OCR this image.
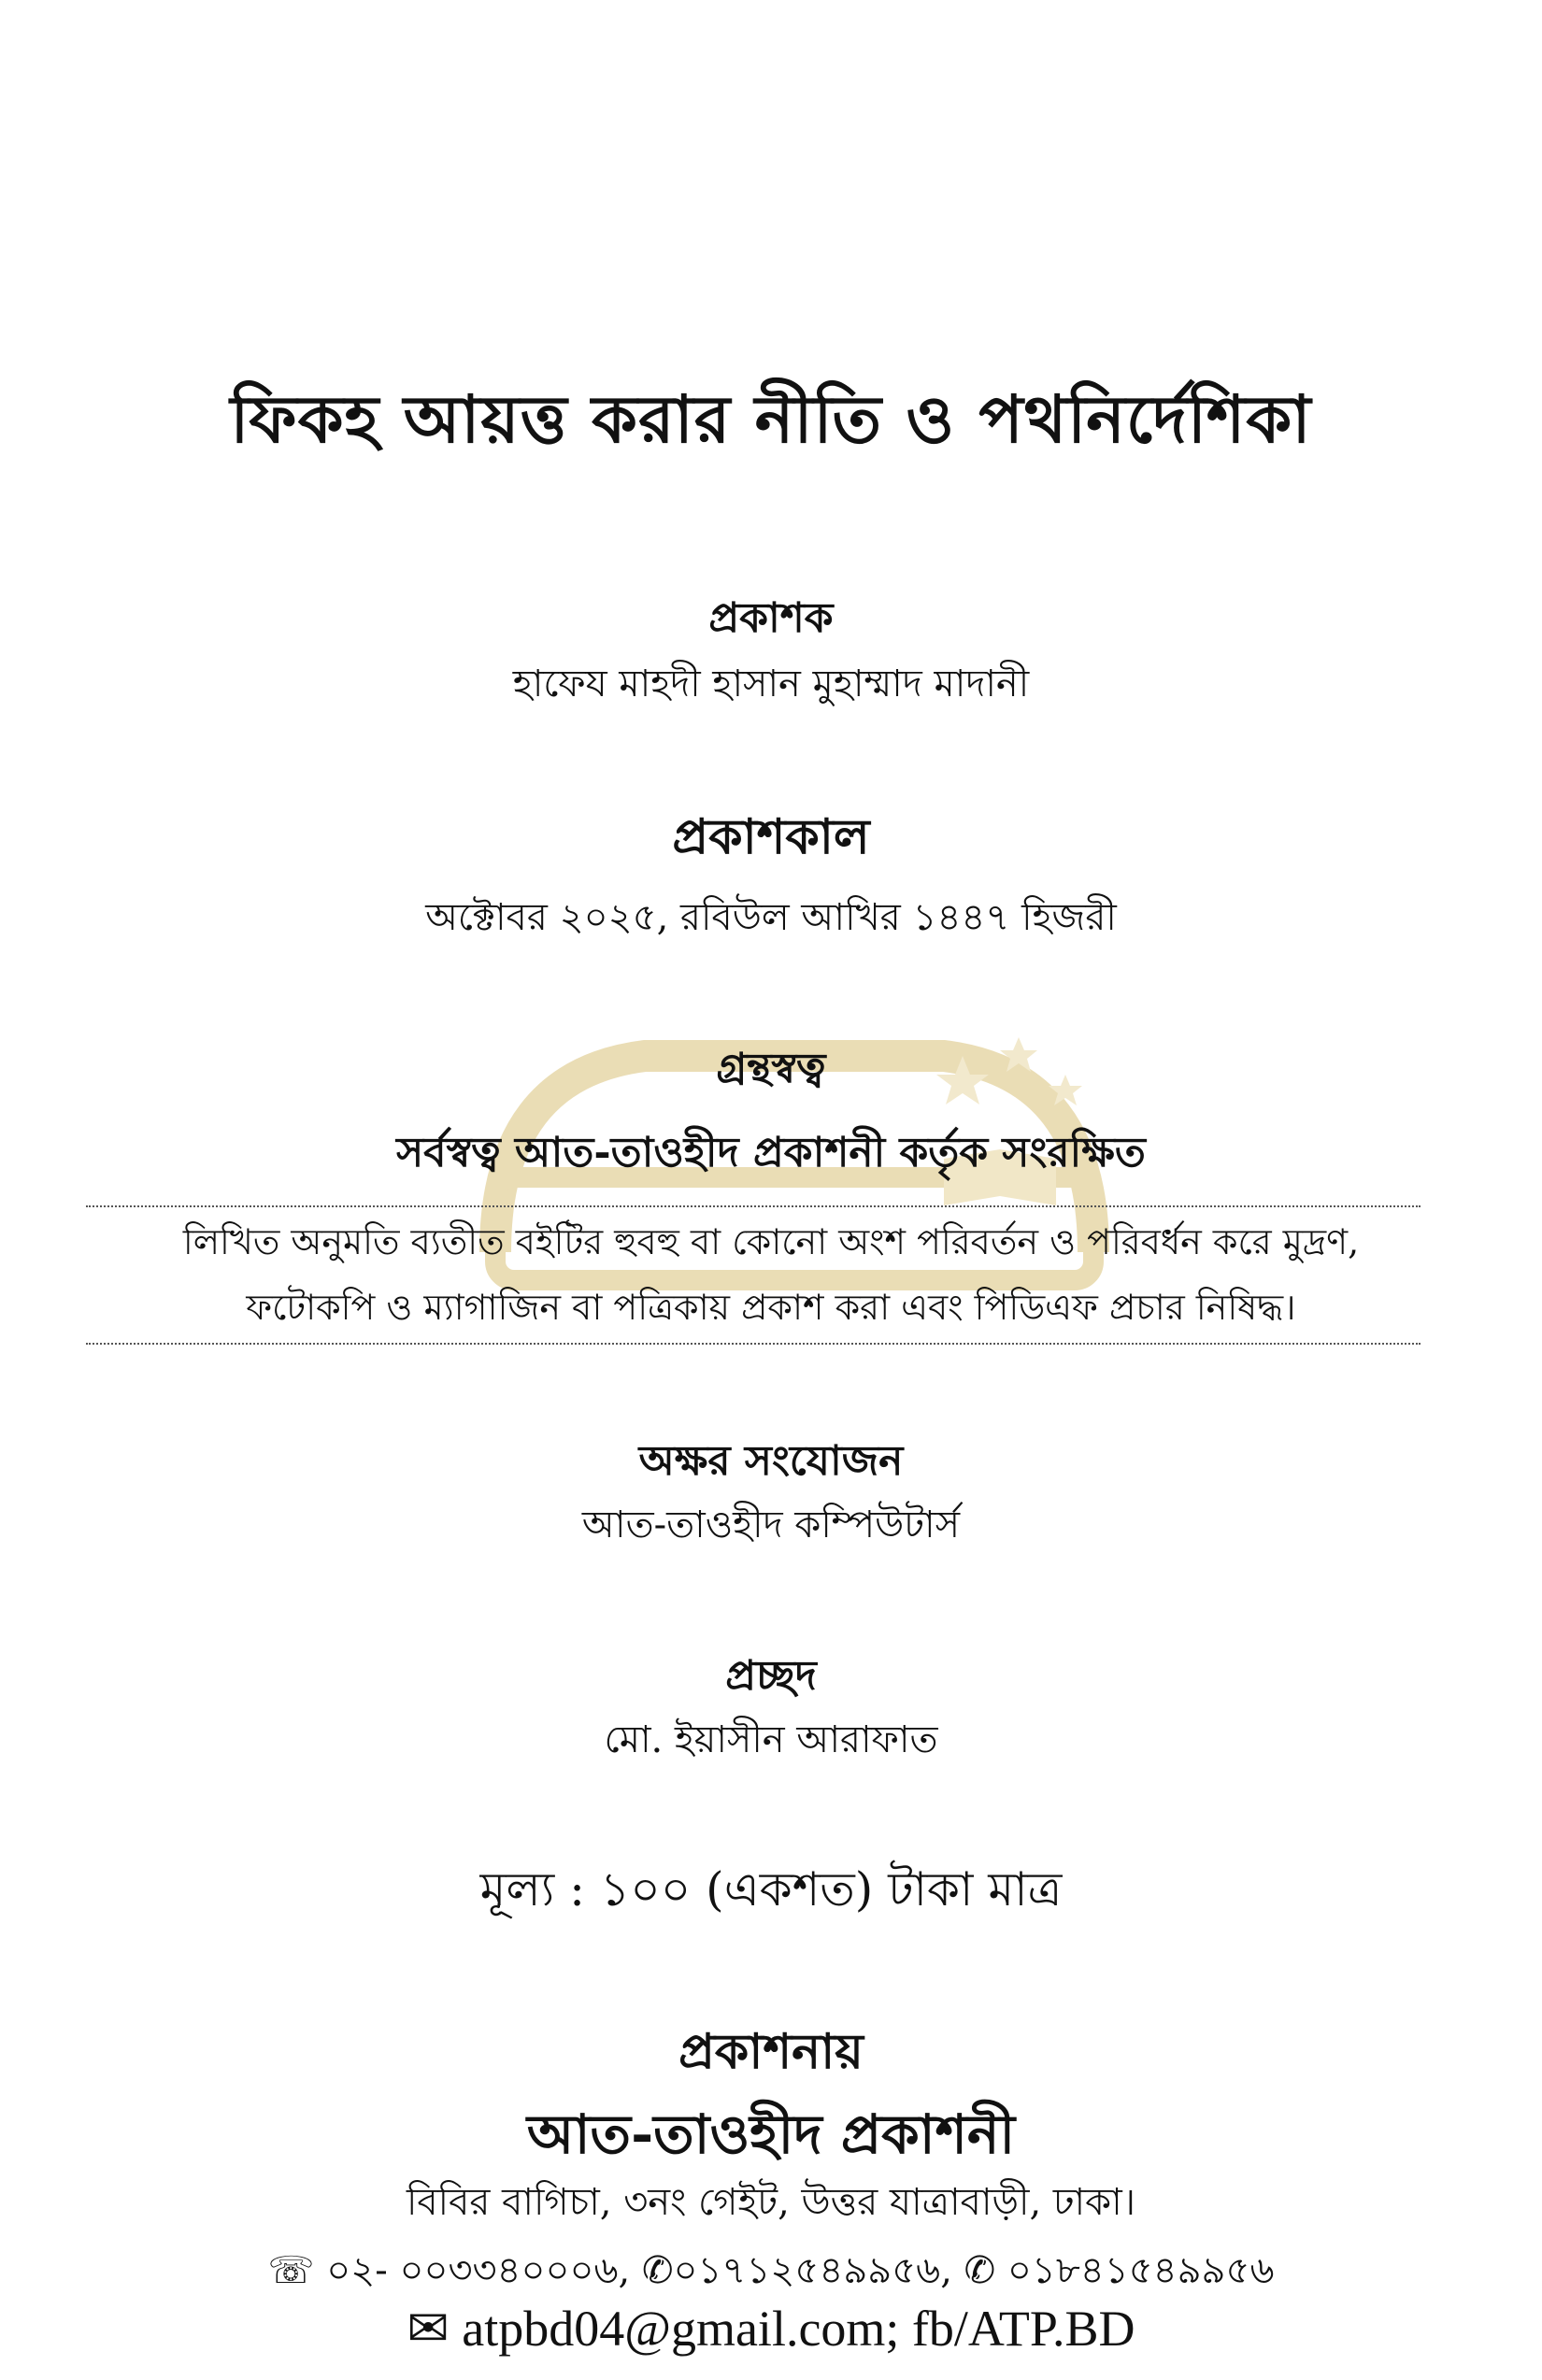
ফিকহ আয়ত্ত করার নীতি ও পথনির্দেশিকা
প্রকাশক
হাফেয মাহদী হাসান মুহাম্মাদ মাদানী
প্রকাশকাল
অক্টোবর ২০২৫, রবিউল আখির ১৪৪৭ হিজরী
গ্রন্থস্বত্ব
সর্বস্বত্ব আত-তাওহীদ প্রকাশনী কর্তৃক সংরক্ষিত
লিখিত অনুমতি ব্যতীত বইটির হুবহু বা কোনো অংশ পরিবর্তন ও পরিবর্ধন করে মুদ্রণ,
ফটোকপি ও ম্যাগাজিন বা পত্রিকায় প্রকাশ করা এবং পিডিএফ প্রচার নিষিদ্ধ।
অক্ষর সংযোজন
আত-তাওহীদ কম্পিউটার্স
প্রচ্ছদ
মো. ইয়াসীন আরাফাত
মূল্য : ১০০ (একশত) টাকা মাত্র
প্রকাশনায়
আত-তাওহীদ প্রকাশনী
বিবির বাগিচা, ৩নং গেইট, উত্তর যাত্রাবাড়ী, ঢাকা।
☏ ০২- ০০৩৩৪০০০৬, ✆০১৭১২৫৪৯৯৫৬, ✆ ০১৮৪১৫৪৯৯৫৬
✉ atpbd04@gmail.com; fb/ATP.BD
